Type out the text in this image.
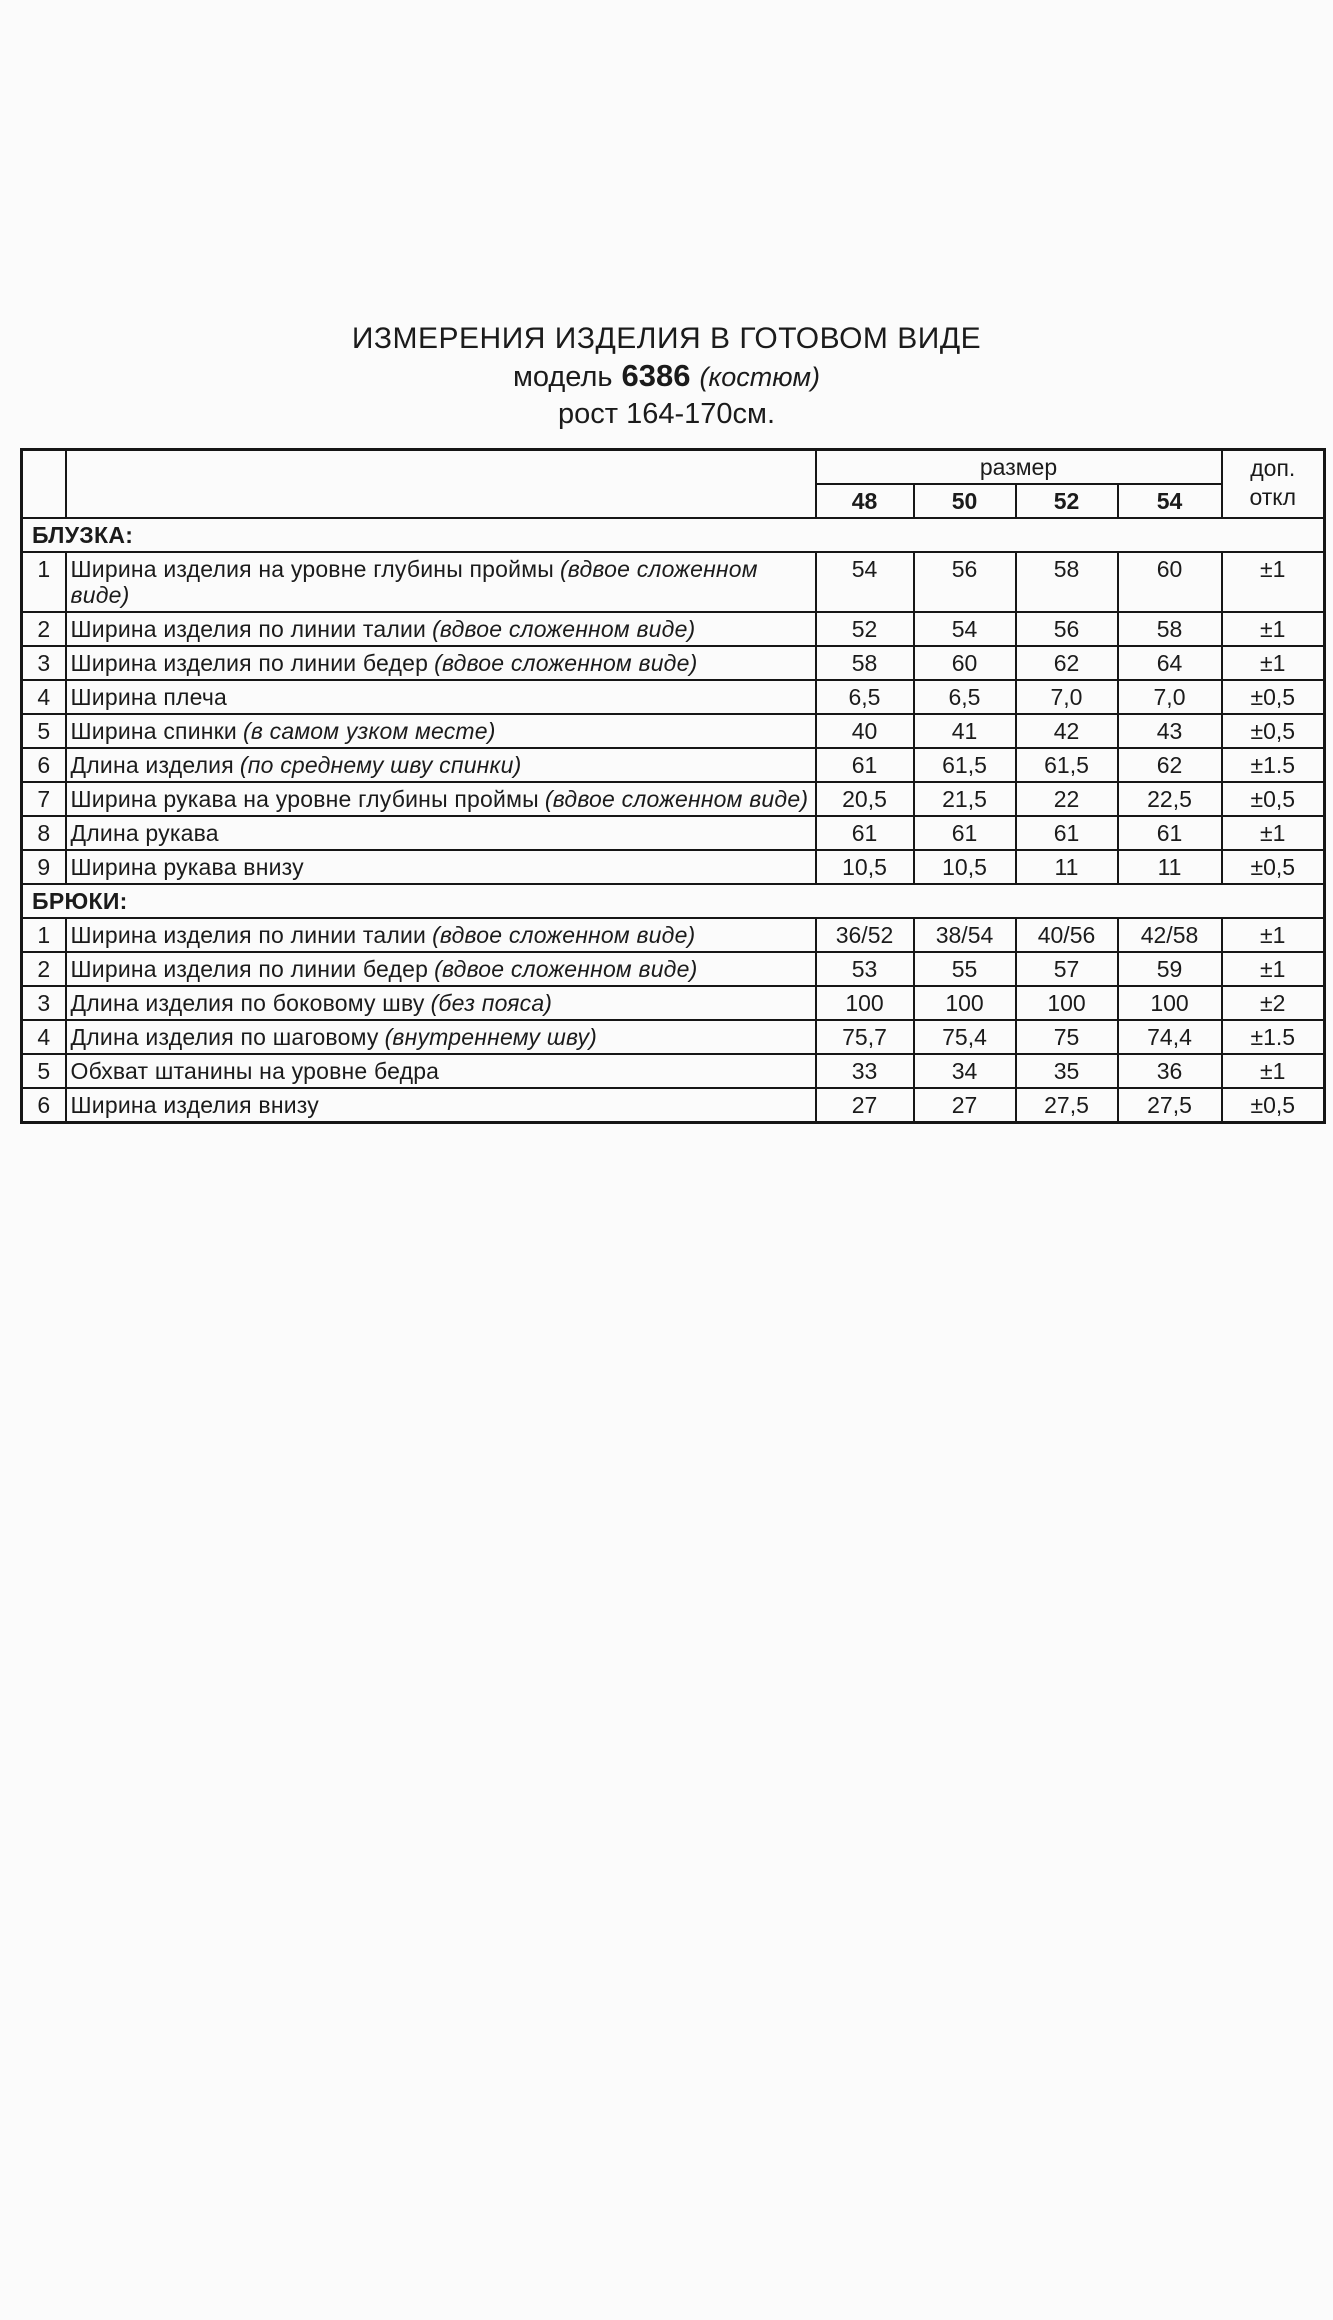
ИЗМЕРЕНИЯ ИЗДЕЛИЯ В ГОТОВОМ ВИДЕ
модель 6386 (костюм)
рост 164-170см.
		размер				доп.
откл

		48	50	52	54	
БЛУЗКА:						
1	Ширина изделия на уровне глубины проймы (вдвое сложенном виде)	54	56	58	60	±1
2	Ширина изделия по линии талии (вдвое сложенном виде)	52	54	56	58	±1
3	Ширина изделия по линии бедер (вдвое сложенном виде)	58	60	62	64	±1
4	Ширина плеча	6,5	6,5	7,0	7,0	±0,5
5	Ширина спинки (в самом узком месте)	40	41	42	43	±0,5
6	Длина изделия (по среднему шву спинки)	61	61,5	61,5	62	±1.5
7	Ширина рукава на уровне глубины проймы (вдвое сложенном виде)	20,5	21,5	22	22,5	±0,5
8	Длина рукава	61	61	61	61	±1
9	Ширина рукава внизу	10,5	10,5	11	11	±0,5
БРЮКИ:						
1	Ширина изделия по линии талии (вдвое сложенном виде)	36/52	38/54	40/56	42/58	±1
2	Ширина изделия по линии бедер (вдвое сложенном виде)	53	55	57	59	±1
3	Длина изделия по боковому шву (без пояса)	100	100	100	100	±2
4	Длина изделия по шаговому (внутреннему шву)	75,7	75,4	75	74,4	±1.5
5	Обхват штанины на уровне бедра	33	34	35	36	±1
6	Ширина изделия внизу	27	27	27,5	27,5	±0,5
